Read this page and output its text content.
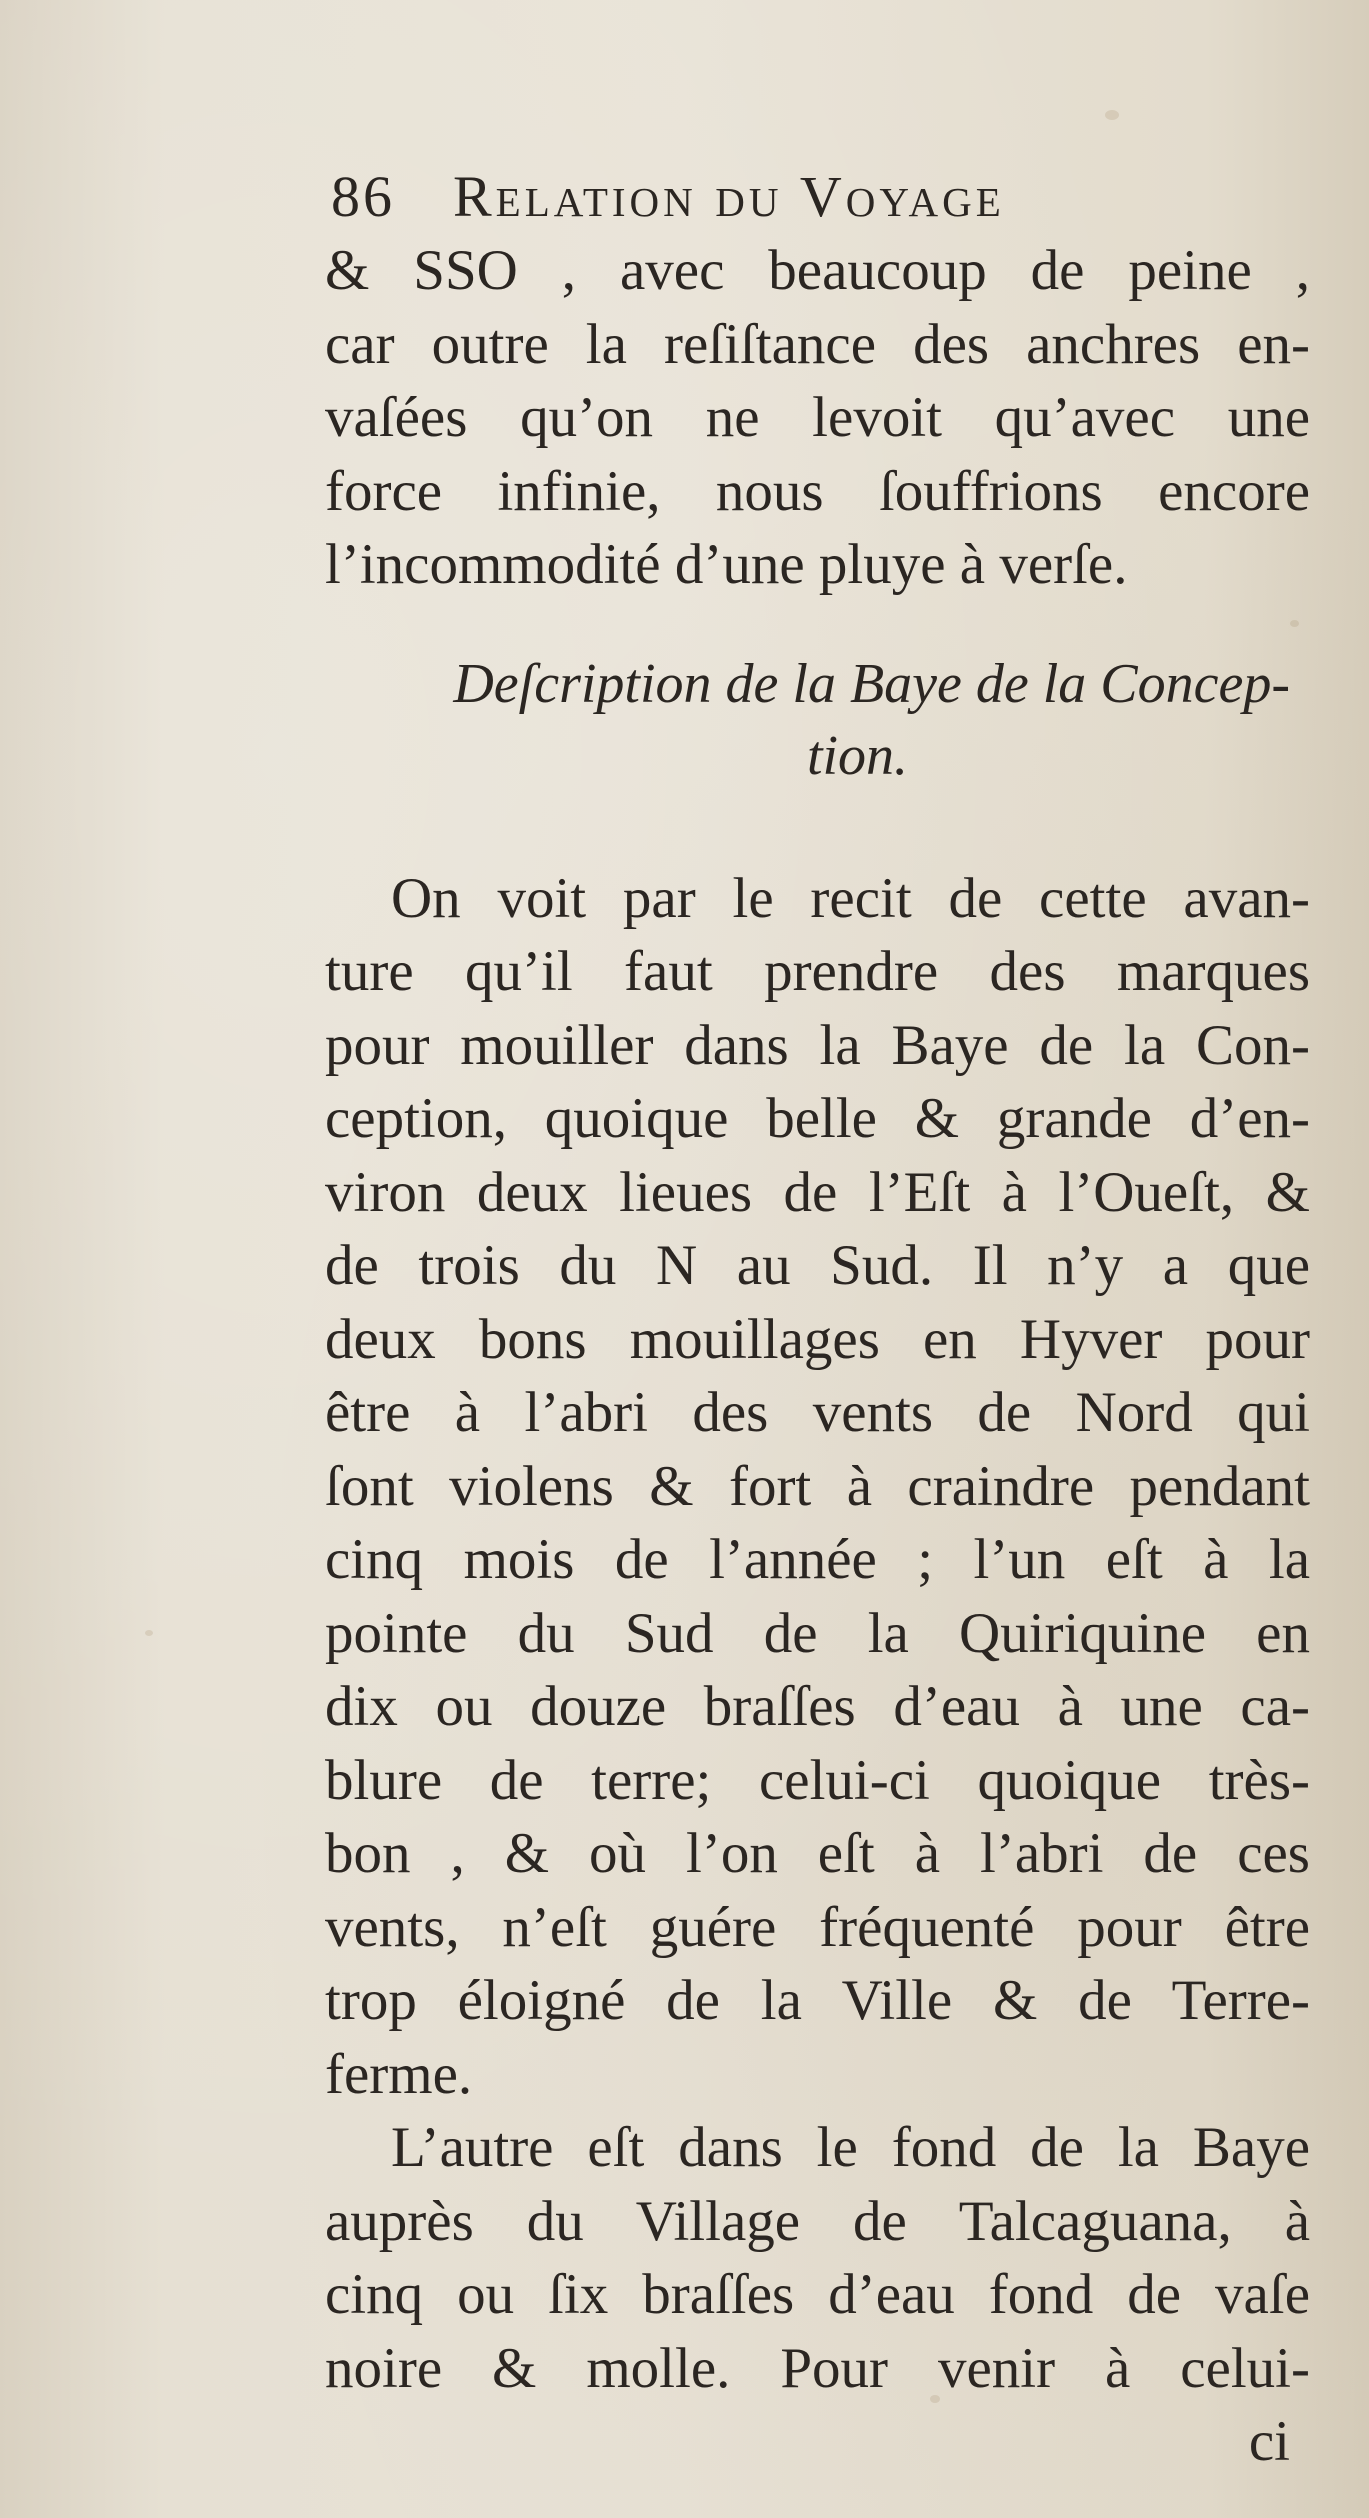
86 Relation du Voyage
& SSO , avec beaucoup de peine ,
car outre la reſiſtance des anchres en-
vaſées qu’on ne levoit qu’avec une
force infinie, nous ſouffrions encore
l’incommodité d’une pluye à verſe.
Deſcription de la Baye de la Concep-
tion.
On voit par le recit de cette avan-
ture qu’il faut prendre des marques
pour mouiller dans la Baye de la Con-
ception, quoique belle & grande d’en-
viron deux lieues de l’Eſt à l’Oueſt, &
de trois du N au Sud. Il n’y a que
deux bons mouillages en Hyver pour
être à l’abri des vents de Nord qui
ſont violens & fort à craindre pendant
cinq mois de l’année ; l’un eſt à la
pointe du Sud de la Quiriquine en
dix ou douze braſſes d’eau à une ca-
blure de terre; celui-ci quoique très-
bon , & où l’on eſt à l’abri de ces
vents, n’eſt guére fréquenté pour être
trop éloigné de la Ville & de Terre-
ferme.
L’autre eſt dans le fond de la Baye
auprès du Village de Talcaguana, à
cinq ou ſix braſſes d’eau fond de vaſe
noire & molle. Pour venir à celui-
ci
